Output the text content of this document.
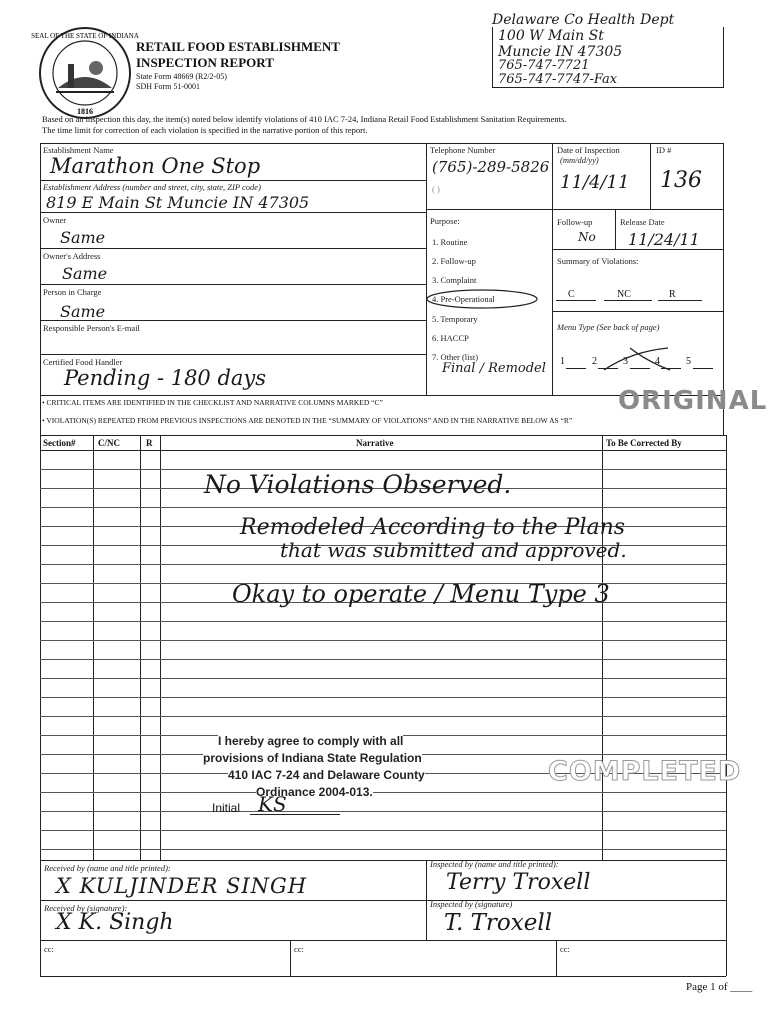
SEAL OF THE STATE OF INDIANA
1816
RETAIL FOOD ESTABLISHMENT
INSPECTION REPORT
State Form 48669 (R2/2-05)
SDH Form 51-0001
Delaware Co Health Dept
100 W Main St
Muncie IN 47305
765-747-7721
765-747-7747-Fax
Based on an inspection this day, the item(s) noted below identify violations of 410 IAC 7-24, Indiana Retail Food Establishment Sanitation Requirements.
The time limit for correction of each violation is specified in the narrative portion of this report.
Establishment Name
Marathon One Stop
Telephone Number
(765)-289-5826
( )
Date of Inspection
(mm/dd/yy)
11/4/11
ID #
136
Establishment Address (number and street, city, state, ZIP code)
819 E Main St Muncie IN 47305
Owner
Same
Owner's Address
Same
Person in Charge
Same
Responsible Person's E-mail
Certified Food Handler
Pending - 180 days
Purpose:
1. Routine
2. Follow-up
3. Complaint
4. Pre-Operational
5. Temporary
6. HACCP
7. Other (list)
Final / Remodel
Follow-up
No
Release Date
11/24/11
Summary of Violations:
C	NC	R
Menu Type (See back of page)
1	2	3	4	5
• CRITICAL ITEMS ARE IDENTIFIED IN THE CHECKLIST AND NARRATIVE COLUMNS MARKED “C”
• VIOLATION(S) REPEATED FROM PREVIOUS INSPECTIONS ARE DENOTED IN THE “SUMMARY OF VIOLATIONS” AND IN THE NARRATIVE BELOW AS “R”
ORIGINAL
Section#	C/NC	R	Narrative	To Be Corrected By
No Violations Observed.
Remodeled According to the Plans
that was submitted and approved.
Okay to operate / Menu Type 3
I hereby agree to comply with all
provisions of Indiana State Regulation
410 IAC 7-24 and Delaware County
Ordinance 2004-013.
Initial KS
COMPLETED
Received by (name and title printed):
X KULJINDER SINGH
Received by (signature):
X K. Singh
Inspected by (name and title printed):
Terry Troxell
Inspected by (signature)
T. Troxell
cc:	cc:	cc:
Page 1 of ____
